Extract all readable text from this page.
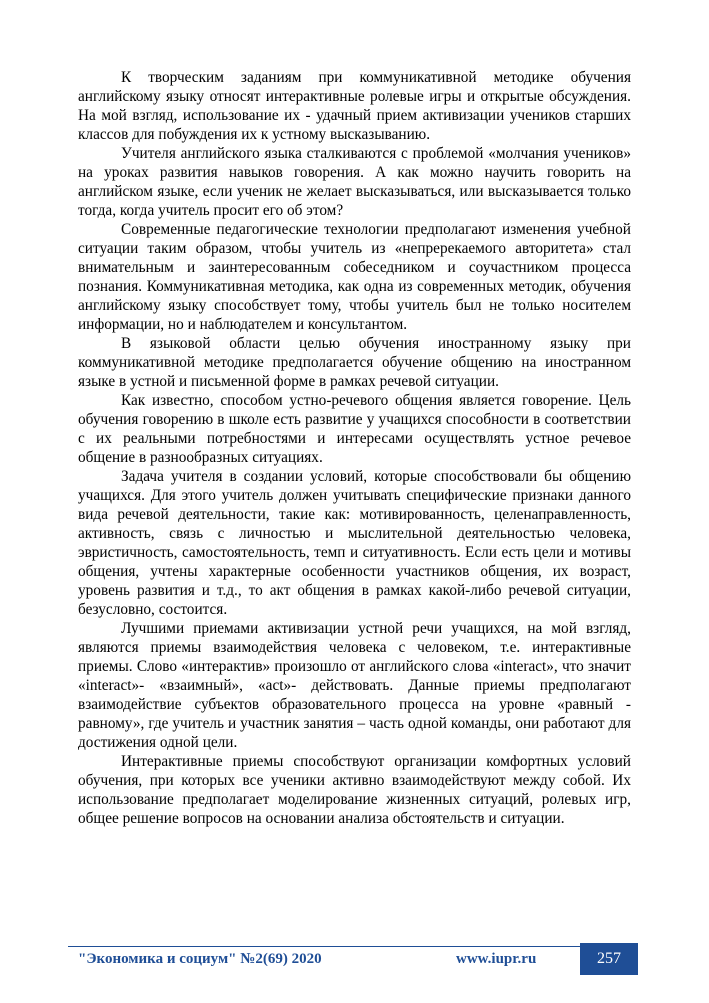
К творческим заданиям при коммуникативной методике обучения английскому языку относят интерактивные ролевые игры и открытые обсуждения. На мой взгляд, использование их - удачный прием активизации учеников старших классов для побуждения их к устному высказыванию.

Учителя английского языка сталкиваются с проблемой «молчания учеников» на уроках развития навыков говорения. А как можно научить говорить на английском языке, если ученик не желает высказываться, или высказывается только тогда, когда учитель просит его об этом?

Современные педагогические технологии предполагают изменения учебной ситуации таким образом, чтобы учитель из «непререкаемого авторитета» стал внимательным и заинтересованным собеседником и соучастником процесса познания. Коммуникативная методика, как одна из современных методик, обучения английскому языку способствует тому, чтобы учитель был не только носителем информации, но и наблюдателем и консультантом.

В языковой области целью обучения иностранному языку при коммуникативной методике предполагается обучение общению на иностранном языке в устной и письменной форме в рамках речевой ситуации.

Как известно, способом устно-речевого общения является говорение. Цель обучения говорению в школе есть развитие у учащихся способности в соответствии с их реальными потребностями и интересами осуществлять устное речевое общение в разнообразных ситуациях.

Задача учителя в создании условий, которые способствовали бы общению учащихся. Для этого учитель должен учитывать специфические признаки данного вида речевой деятельности, такие как: мотивированность, целенаправленность, активность, связь с личностью и мыслительной деятельностью человека, эвристичность, самостоятельность, темп и ситуативность. Если есть цели и мотивы общения, учтены характерные особенности участников общения, их возраст, уровень развития и т.д., то акт общения в рамках какой-либо речевой ситуации, безусловно, состоится.

Лучшими приемами активизации устной речи учащихся, на мой взгляд, являются приемы взаимодействия человека с человеком, т.е. интерактивные приемы. Слово «интерактив» произошло от английского слова «interact», что значит «interact»- «взаимный», «act»- действовать. Данные приемы предполагают взаимодействие субъектов образовательного процесса на уровне «равный - равному», где учитель и участник занятия – часть одной команды, они работают для достижения одной цели.

Интерактивные приемы способствуют организации комфортных условий обучения, при которых все ученики активно взаимодействуют между собой. Их использование предполагает моделирование жизненных ситуаций, ролевых игр, общее решение вопросов на основании анализа обстоятельств и ситуации.

"Экономика и социум" №2(69) 2020	www.iupr.ru	257
